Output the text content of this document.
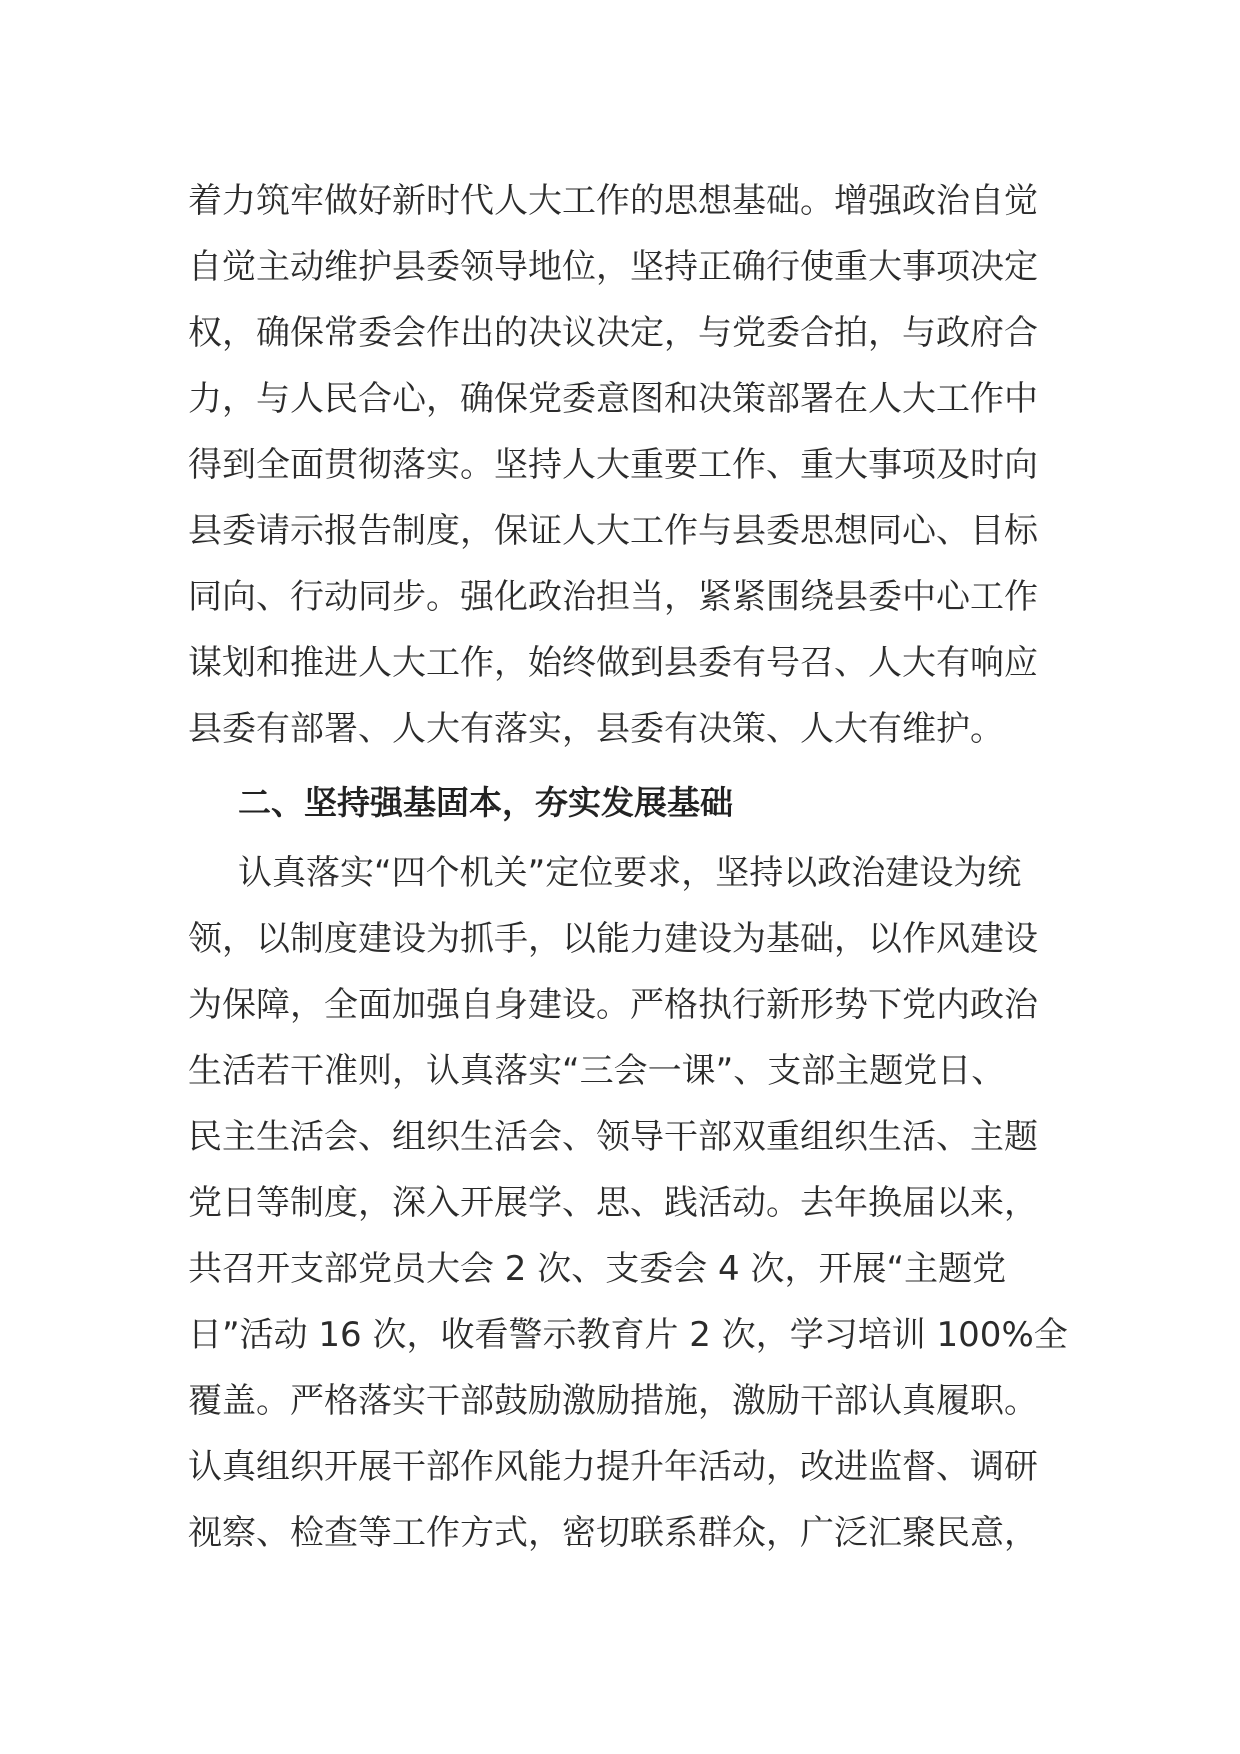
着力筑牢做好新时代人大工作的思想基础。增强政治自觉
自觉主动维护县委领导地位，坚持正确行使重大事项决定
权，确保常委会作出的决议决定，与党委合拍，与政府合
力，与人民合心，确保党委意图和决策部署在人大工作中
得到全面贯彻落实。坚持人大重要工作、重大事项及时向
县委请示报告制度，保证人大工作与县委思想同心、目标
同向、行动同步。强化政治担当，紧紧围绕县委中心工作
谋划和推进人大工作，始终做到县委有号召、人大有响应
县委有部署、人大有落实，县委有决策、人大有维护。
二、坚持强基固本，夯实发展基础
认真落实“四个机关”定位要求，坚持以政治建设为统
领，以制度建设为抓手，以能力建设为基础，以作风建设
为保障，全面加强自身建设。严格执行新形势下党内政治
生活若干准则，认真落实“三会一课”、支部主题党日、
民主生活会、组织生活会、领导干部双重组织生活、主题
党日等制度，深入开展学、思、践活动。去年换届以来，
共召开支部党员大会 2 次、支委会 4 次，开展“主题党
日”活动 16 次，收看警示教育片 2 次，学习培训 100%全
覆盖。严格落实干部鼓励激励措施，激励干部认真履职。
认真组织开展干部作风能力提升年活动，改进监督、调研
视察、检查等工作方式，密切联系群众，广泛汇聚民意，
